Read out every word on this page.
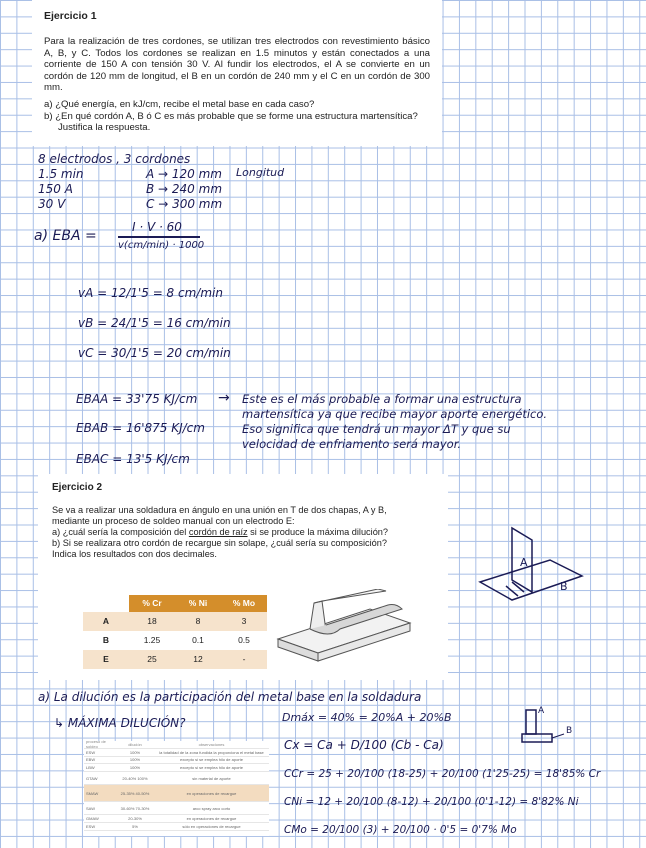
Ejercicio 1
Para la realización de tres cordones, se utilizan tres electrodos con revestimiento básico A, B, y C. Todos los cordones se realizan en 1.5 minutos y están conectados a una corriente de 150 A con tensión 30 V. Al fundir los electrodos, el A se convierte en un cordón de 120 mm de longitud, el B en un cordón de 240 mm y el C en un cordón de 300 mm.
a) ¿Qué energía, en kJ/cm, recibe el metal base en cada caso?
b) ¿En qué cordón A, B ó C es más probable que se forme una estructura martensítica? Justifica la respuesta.
8 electrodos , 3 cordones
1.5 min
150 A
30 V
A → 120 mm
B → 240 mm
C → 300 mm
Longitud
a) EBA =
I · V · 60
v(cm/min) · 1000
vA = 12/1'5 = 8 cm/min
vB = 24/1'5 = 16 cm/min
vC = 30/1'5 = 20 cm/min
EBAA = 33'75 KJ/cm
EBAB = 16'875 KJ/cm
EBAC = 13'5 KJ/cm
→ Este es el más probable a formar una estructura
martensítica ya que recibe mayor aporte energético.
Eso significa que tendrá un mayor ΔT y que su
velocidad de enfriamento será mayor.
Ejercicio 2
Se va a realizar una soldadura en ángulo en una unión en T de dos chapas, A y B, mediante un proceso de soldeo manual con un electrodo E:
a) ¿cuál sería la composición del cordón de raíz si se produce la máxima dilución?
b) Si se realizara otro cordón de recargue sin solape, ¿cuál sería su composición?
Indica los resultados con dos decimales.
	% Cr	% Ni	% Mo
A	18	8	3
B	1.25	0.1	0.5
E	25	12	-
A
B
a) La dilución es la participación del metal base en la soldadura
↳ MÁXIMA DILUCIÓN?	Dmáx = 40% = 20%A + 20%B
Cx = Ca + D/100 (Cb - Ca)
CCr = 25 + 20/100 (18-25) + 20/100 (1'25-25) = 18'85% Cr
CNi = 12 + 20/100 (8-12) + 20/100 (0'1-12) = 8'82% Ni
CMo = 20/100 (3) + 20/100 · 0'5 = 0'7% Mo
A
B
proceso de soldeo
dilución	observaciones
ESW	100%	la totalidad de la zona fundida la proporciona el metal base
EBW	100%	excepto si se emplea hilo de aporte
LBW	100%	excepto si se emplea hilo de aporte
GTAW	20-40% 100%	sin material de aporte
SMAW	25-35% 40-50%	en operaciones de recargue
SAW	30-60% 70-30%	arco spray arco corto
GMAW	20-30%	en operaciones de recargue
ESW	5%	sólo en operaciones de recargue
